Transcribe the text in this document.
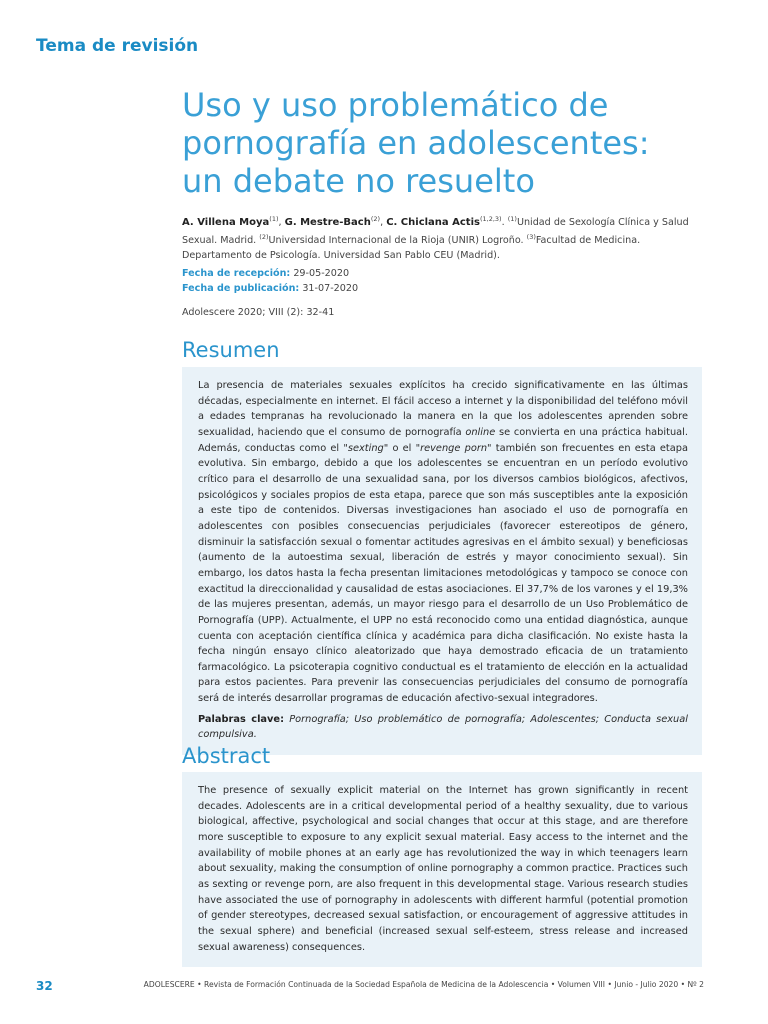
Tema de revisión
Uso y uso problemático de
pornografía en adolescentes:
un debate no resuelto
A. Villena Moya$^{(1)}$, G. Mestre-Bach$^{(2)}$, C. Chiclana Actis$^{(1,2,3)}$. $^{(1)}$Unidad de Sexología Clínica y Salud Sexual. Madrid. $^{(2)}$Universidad Internacional de la Rioja (UNIR) Logroño. $^{(3)}$Facultad de Medicina. Departamento de Psicología. Universidad San Pablo CEU (Madrid).
Fecha de recepción: 29-05-2020
Fecha de publicación: 31-07-2020
Adolescere 2020; VIII (2): 32-41
Resumen

La presencia de materiales sexuales explícitos ha crecido significativamente en las últimas décadas, especialmente en internet. El fácil acceso a internet y la disponibilidad del teléfono móvil a edades tempranas ha revolucionado la manera en la que los adolescentes aprenden sobre sexualidad, haciendo que el consumo de pornografía online se convierta en una práctica habitual. Además, conductas como el "sexting" o el "revenge porn" también son frecuentes en esta etapa evolutiva. Sin embargo, debido a que los adolescentes se encuentran en un período evolutivo crítico para el desarrollo de una sexualidad sana, por los diversos cambios biológicos, afectivos, psicológicos y sociales propios de esta etapa, parece que son más susceptibles ante la exposición a este tipo de contenidos. Diversas investigaciones han asociado el uso de pornografía en adolescentes con posibles consecuencias perjudiciales (favorecer estereotipos de género, disminuir la satisfacción sexual o fomentar actitudes agresivas en el ámbito sexual) y beneficiosas (aumento de la autoestima sexual, liberación de estrés y mayor conocimiento sexual). Sin embargo, los datos hasta la fecha presentan limitaciones metodológicas y tampoco se conoce con exactitud la direccionalidad y causalidad de estas asociaciones. El 37,7% de los varones y el 19,3% de las mujeres presentan, además, un mayor riesgo para el desarrollo de un Uso Problemático de Pornografía (UPP). Actualmente, el UPP no está reconocido como una entidad diagnóstica, aunque cuenta con aceptación científica clínica y académica para dicha clasificación. No existe hasta la fecha ningún ensayo clínico aleatorizado que haya demostrado eficacia de un tratamiento farmacológico. La psicoterapia cognitivo conductual es el tratamiento de elección en la actualidad para estos pacientes. Para prevenir las consecuencias perjudiciales del consumo de pornografía será de interés desarrollar programas de educación afectivo-sexual integradores.

Palabras clave: Pornografía; Uso problemático de pornografía; Adolescentes; Conducta sexual compulsiva.

Abstract

The presence of sexually explicit material on the Internet has grown significantly in recent decades. Adolescents are in a critical developmental period of a healthy sexuality, due to various biological, affective, psychological and social changes that occur at this stage, and are therefore more susceptible to exposure to any explicit sexual material. Easy access to the internet and the availability of mobile phones at an early age has revolutionized the way in which teenagers learn about sexuality, making the consumption of online pornography a common practice. Practices such as sexting or revenge porn, are also frequent in this developmental stage. Various research studies have associated the use of pornography in adolescents with different harmful (potential promotion of gender stereotypes, decreased sexual satisfaction, or encouragement of aggressive attitudes in the sexual sphere) and beneficial (increased sexual self-esteem, stress release and increased sexual awareness) consequences.

32	ADOLESCERE • Revista de Formación Continuada de la Sociedad Española de Medicina de la Adolescencia • Volumen VIII • Junio - Julio 2020 • Nº 2
